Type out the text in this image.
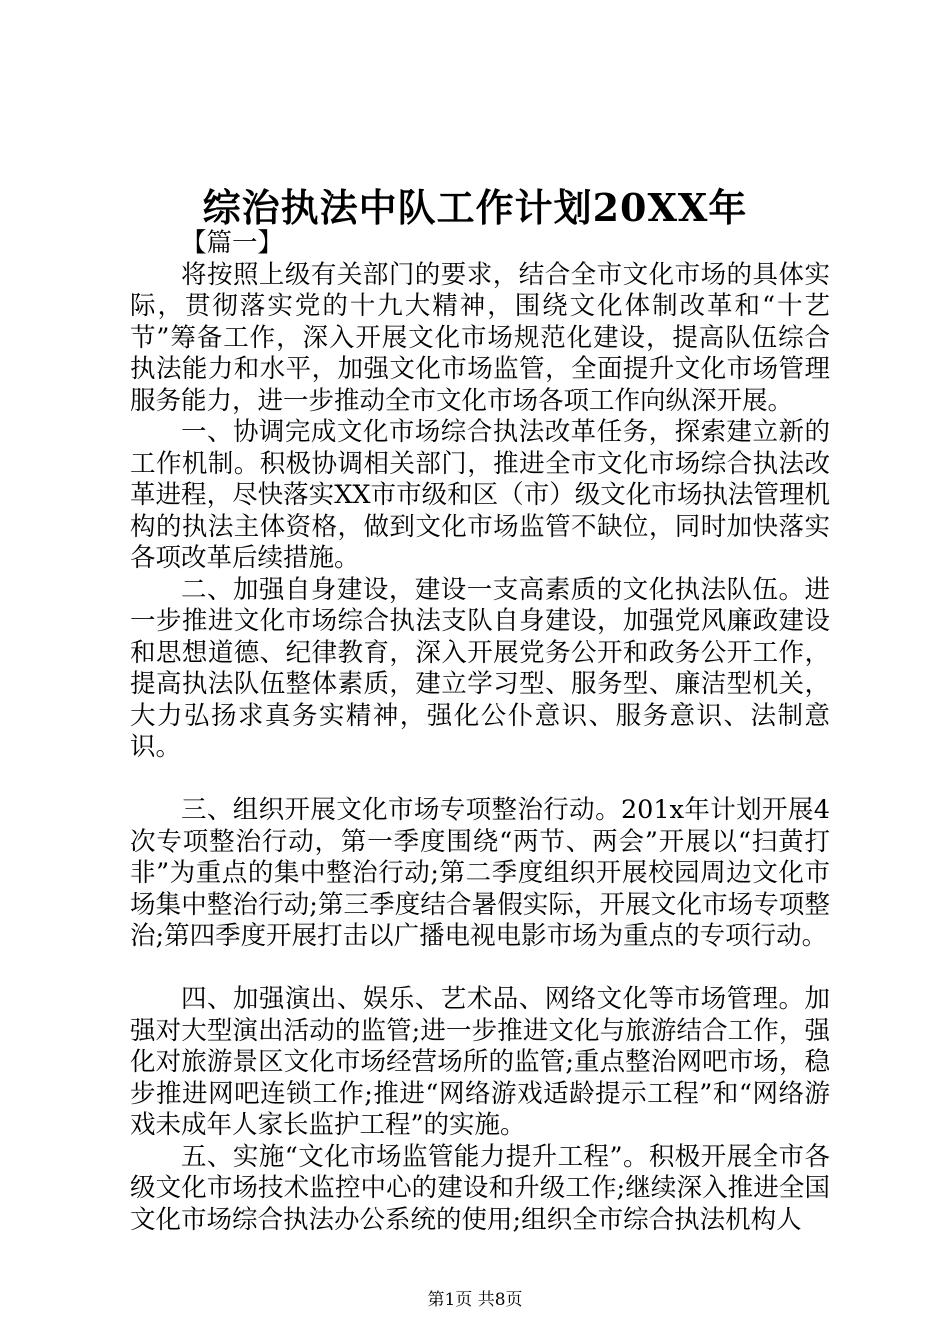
综治执法中队工作计划20XX年

【篇一】

将按照上级有关部门的要求，结合全市文化市场的具体实际，贯彻落实党的十九大精神，围绕文化体制改革和“十艺节”筹备工作，深入开展文化市场规范化建设，提高队伍综合执法能力和水平，加强文化市场监管，全面提升文化市场管理服务能力，进一步推动全市文化市场各项工作向纵深开展。

一、协调完成文化市场综合执法改革任务，探索建立新的工作机制。积极协调相关部门，推进全市文化市场综合执法改革进程，尽快落实XX市市级和区（市）级文化市场执法管理机构的执法主体资格，做到文化市场监管不缺位，同时加快落实各项改革后续措施。

二、加强自身建设，建设一支高素质的文化执法队伍。进一步推进文化市场综合执法支队自身建设，加强党风廉政建设和思想道德、纪律教育，深入开展党务公开和政务公开工作，提高执法队伍整体素质，建立学习型、服务型、廉洁型机关，大力弘扬求真务实精神，强化公仆意识、服务意识、法制意识。

三、组织开展文化市场专项整治行动。201x年计划开展4次专项整治行动，第一季度围绕“两节、两会”开展以“扫黄打非”为重点的集中整治行动;第二季度组织开展校园周边文化市场集中整治行动;第三季度结合暑假实际，开展文化市场专项整治;第四季度开展打击以广播电视电影市场为重点的专项行动。

四、加强演出、娱乐、艺术品、网络文化等市场管理。加强对大型演出活动的监管;进一步推进文化与旅游结合工作，强化对旅游景区文化市场经营场所的监管;重点整治网吧市场，稳步推进网吧连锁工作;推进“网络游戏适龄提示工程”和“网络游戏未成年人家长监护工程”的实施。

五、实施“文化市场监管能力提升工程”。积极开展全市各级文化市场技术监控中心的建设和升级工作;继续深入推进全国文化市场综合执法办公系统的使用;组织全市综合执法机构人

第1页 共8页
